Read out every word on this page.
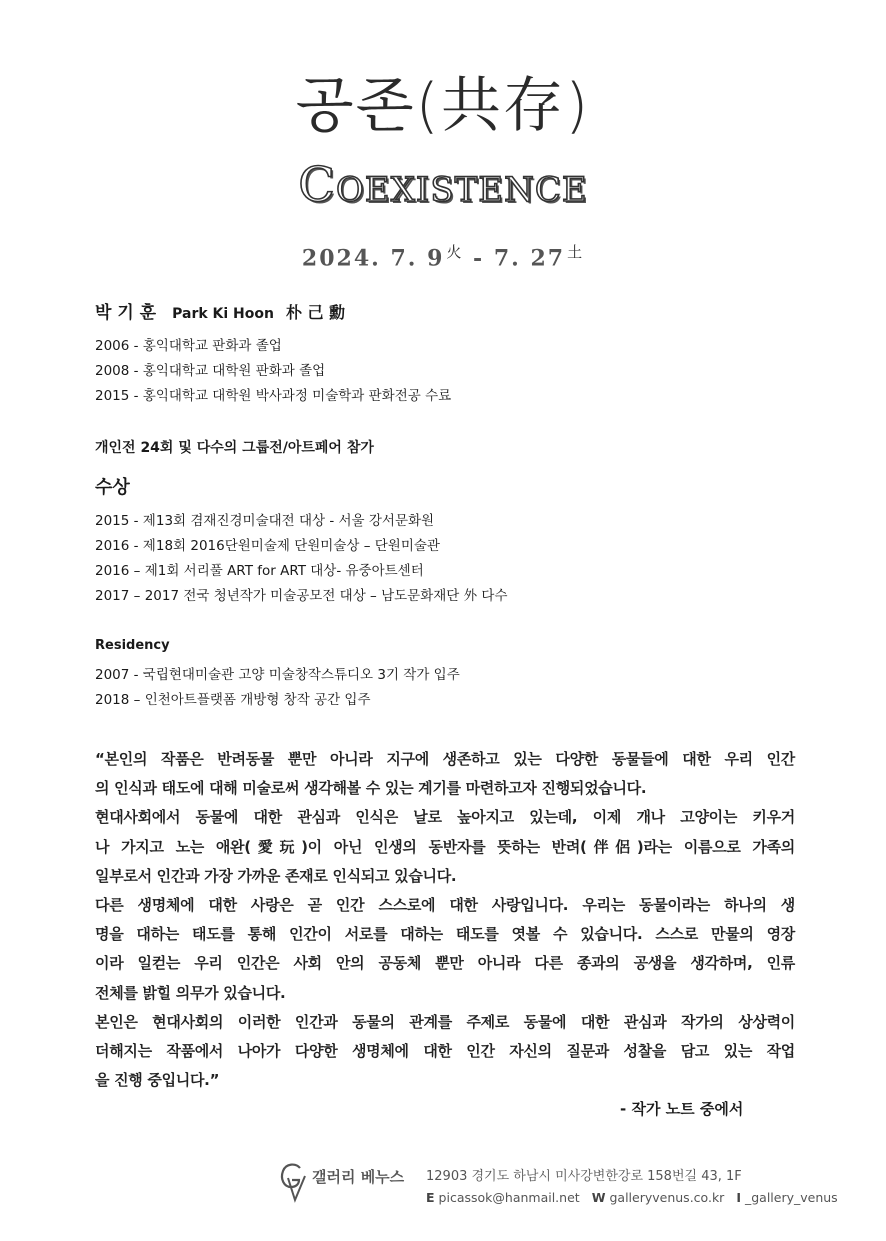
공존(共存)
Coexistence
2024. 7. 9 $^火$ - 7. 27 $^土$
박 기 훈 Park Ki Hoon 朴 己 勳
2006 - 홍익대학교 판화과 졸업
2008 - 홍익대학교 대학원 판화과 졸업
2015 - 홍익대학교 대학원 박사과정 미술학과 판화전공 수료
개인전 24회 및 다수의 그룹전/아트페어 참가
수상
2015 - 제13회 겸재진경미술대전 대상 - 서울 강서문화원
2016 - 제18회 2016단원미술제 단원미술상 – 단원미술관
2016 – 제1회 서리풀 ART for ART 대상- 유중아트센터
2017 – 2017 전국 청년작가 미술공모전 대상 – 남도문화재단 外 다수
Residency
2007 - 국립현대미술관 고양 미술창작스튜디오 3기 작가 입주
2018 – 인천아트플랫폼 개방형 창작 공간 입주
“본인의 작품은 반려동물 뿐만 아니라 지구에 생존하고 있는 다양한 동물들에 대한 우리 인간
의 인식과 태도에 대해 미술로써 생각해볼 수 있는 계기를 마련하고자 진행되었습니다.
현대사회에서 동물에 대한 관심과 인식은 날로 높아지고 있는데, 이제 개나 고양이는 키우거
나 가지고 노는 애완(愛玩)이 아닌 인생의 동반자를 뜻하는 반려(伴侶)라는 이름으로 가족의
일부로서 인간과 가장 가까운 존재로 인식되고 있습니다.
다른 생명체에 대한 사랑은 곧 인간 스스로에 대한 사랑입니다. 우리는 동물이라는 하나의 생
명을 대하는 태도를 통해 인간이 서로를 대하는 태도를 엿볼 수 있습니다. 스스로 만물의 영장
이라 일컫는 우리 인간은 사회 안의 공동체 뿐만 아니라 다른 종과의 공생을 생각하며, 인류
전체를 밝힐 의무가 있습니다.
본인은 현대사회의 이러한 인간과 동물의 관계를 주제로 동물에 대한 관심과 작가의 상상력이
더해지는 작품에서 나아가 다양한 생명체에 대한 인간 자신의 질문과 성찰을 담고 있는 작업
을 진행 중입니다.”
- 작가 노트 중에서
갤러리 베누스 12903 경기도 하남시 미사강변한강로 158번길 43, 1F
E picassok@hanmail.net W galleryvenus.co.kr I _gallery_venus
